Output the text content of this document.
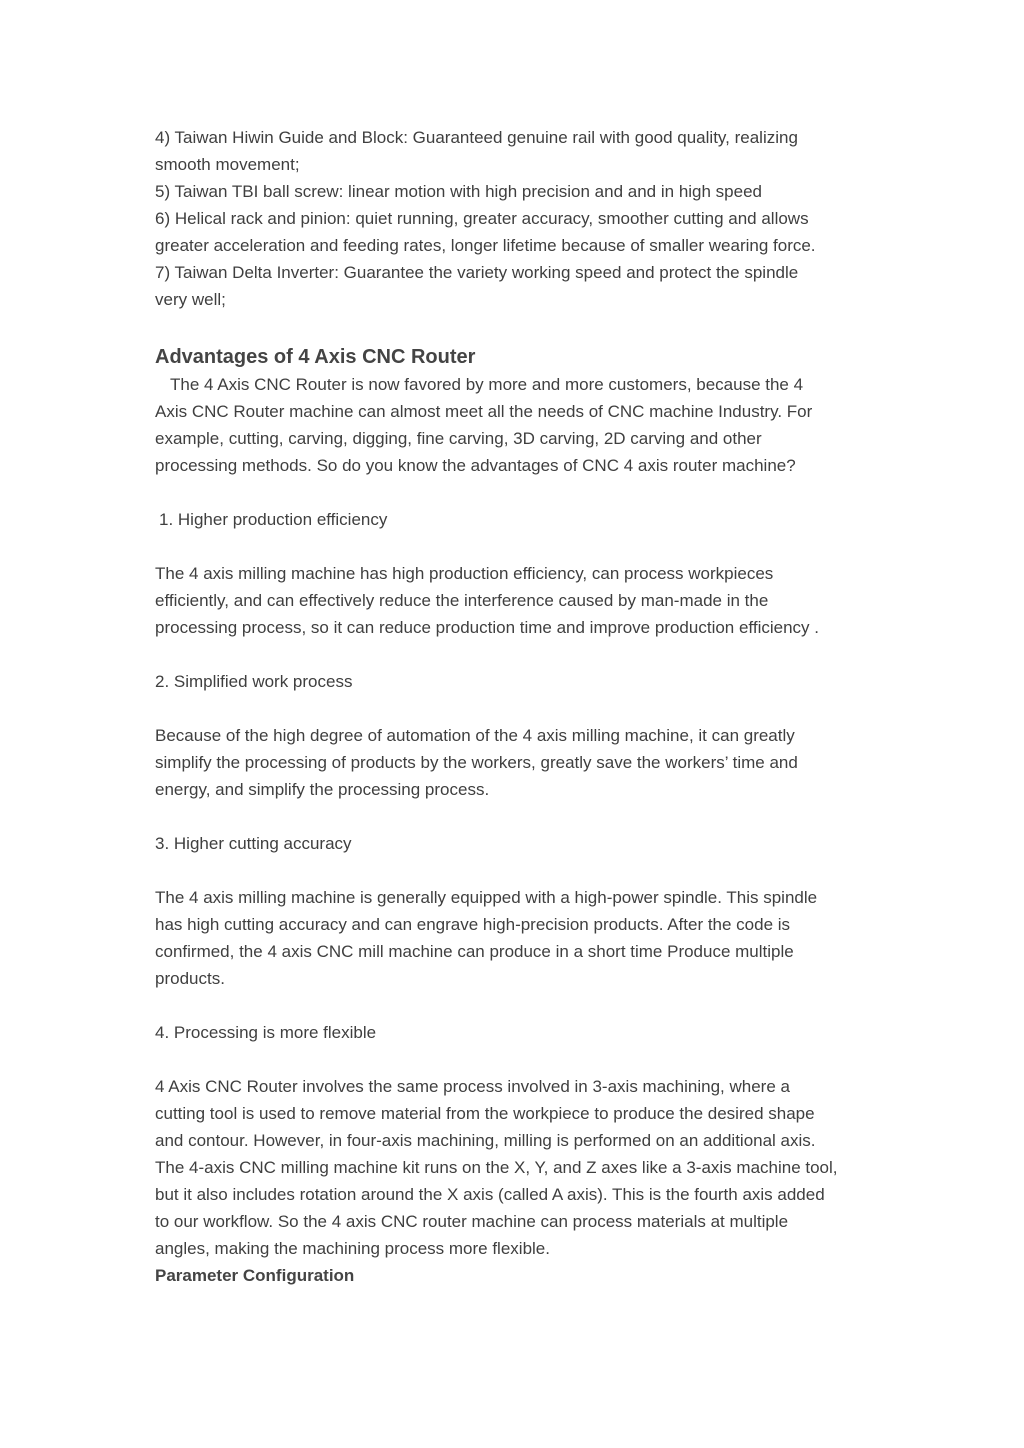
4) Taiwan Hiwin Guide and Block: Guaranteed genuine rail with good quality, realizing

smooth movement;

5) Taiwan TBI ball screw: linear motion with high precision and and in high speed

6) Helical rack and pinion: quiet running, greater accuracy, smoother cutting and allows

greater acceleration and feeding rates, longer lifetime because of smaller wearing force.

7) Taiwan Delta Inverter: Guarantee the variety working speed and protect the spindle

very well;

Advantages of 4 Axis CNC Router

The 4 Axis CNC Router is now favored by more and more customers, because the 4

Axis CNC Router machine can almost meet all the needs of CNC machine Industry. For

example, cutting, carving, digging, fine carving, 3D carving, 2D carving and other

processing methods. So do you know the advantages of CNC 4 axis router machine?

1. Higher production efficiency

The 4 axis milling machine has high production efficiency, can process workpieces

efficiently, and can effectively reduce the interference caused by man-made in the

processing process, so it can reduce production time and improve production efficiency .

2. Simplified work process

Because of the high degree of automation of the 4 axis milling machine, it can greatly

simplify the processing of products by the workers, greatly save the workers’ time and

energy, and simplify the processing process.

3. Higher cutting accuracy

The 4 axis milling machine is generally equipped with a high-power spindle. This spindle

has high cutting accuracy and can engrave high-precision products. After the code is

confirmed, the 4 axis CNC mill machine can produce in a short time Produce multiple

products.

4. Processing is more flexible

4 Axis CNC Router involves the same process involved in 3-axis machining, where a

cutting tool is used to remove material from the workpiece to produce the desired shape

and contour. However, in four-axis machining, milling is performed on an additional axis.

The 4-axis CNC milling machine kit runs on the X, Y, and Z axes like a 3-axis machine tool,

but it also includes rotation around the X axis (called A axis). This is the fourth axis added

to our workflow. So the 4 axis CNC router machine can process materials at multiple

angles, making the machining process more flexible.

Parameter Configuration
